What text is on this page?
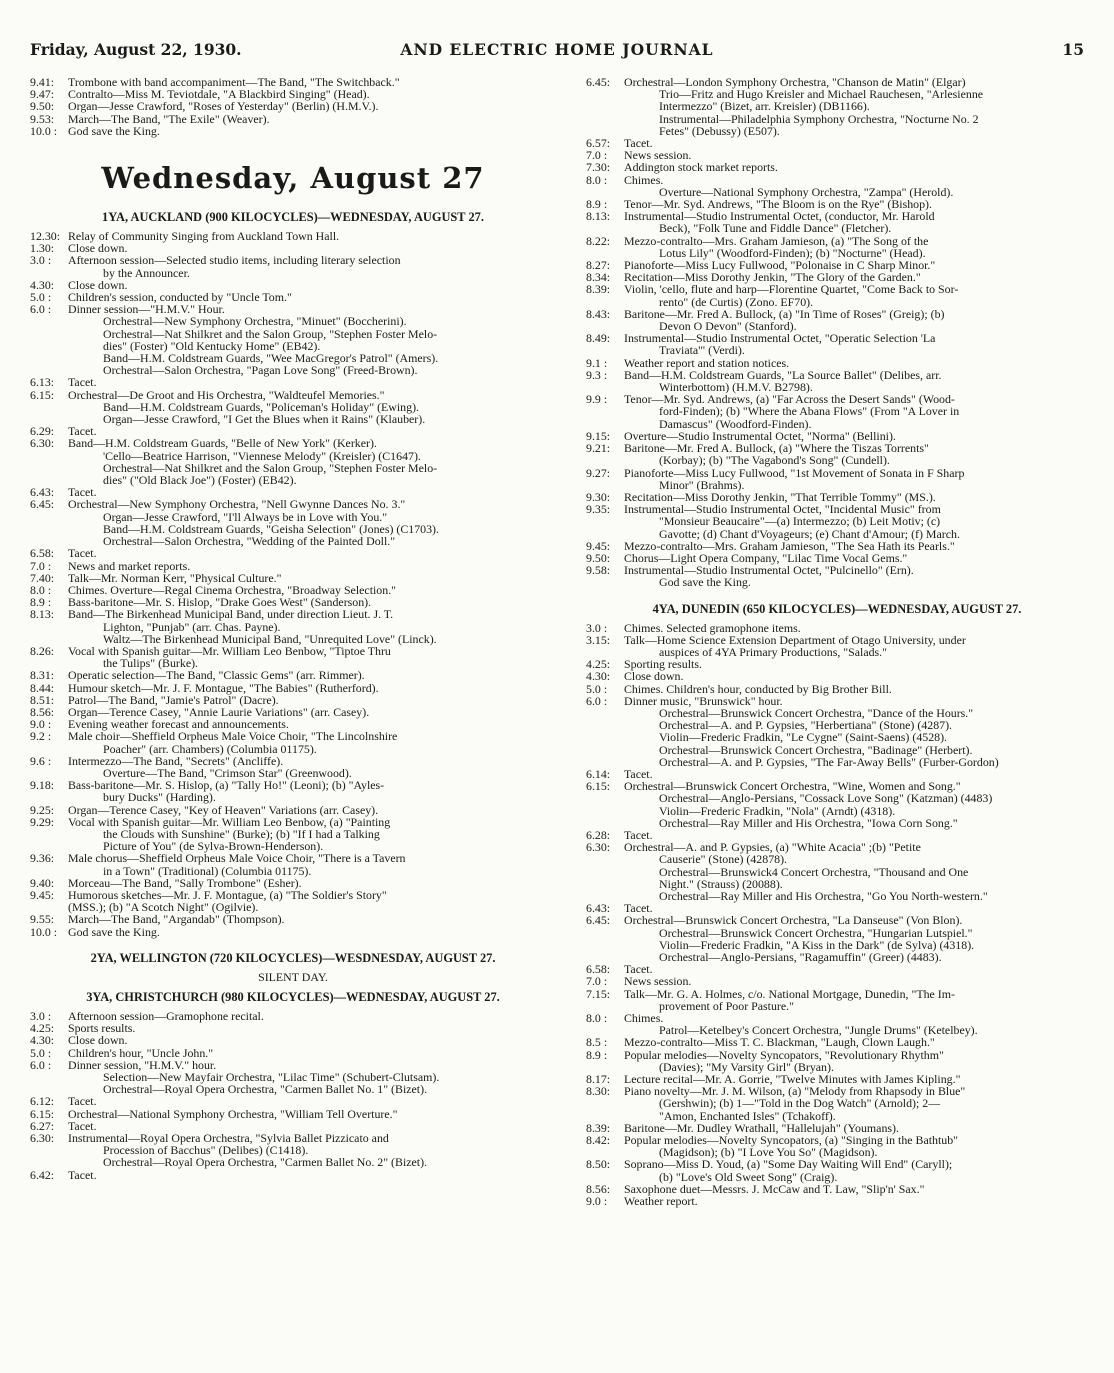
Friday, August 22, 1930.	AND ELECTRIC HOME JOURNAL	15
9.41:	Trombone with band accompaniment—The Band, "The Switchback."
9.47:	Contralto—Miss M. Teviotdale, "A Blackbird Singing" (Head).
9.50:	Organ—Jesse Crawford, "Roses of Yesterday" (Berlin) (H.M.V.).
9.53:	March—The Band, "The Exile" (Weaver).
10.0 : God save the King.
Wednesday, August 27
1YA, AUCKLAND (900 KILOCYCLES)—WEDNESDAY, AUGUST 27.
12.30: Relay of Community Singing from Auckland Town Hall.
1.30:	Close down.
3.0 :	Afternoon session—Selected studio items, including literary selection
by the Announcer.
4.30:	Close down.
5.0 :	Children's session, conducted by "Uncle Tom."
6.0 :	Dinner session—"H.M.V." Hour.
Orchestral—New Symphony Orchestra, "Minuet" (Boccherini).
Orchestral—Nat Shilkret and the Salon Group, "Stephen Foster Melo-
dies" (Foster) "Old Kentucky Home" (EB42).
Band—H.M. Coldstream Guards, "Wee MacGregor's Patrol" (Amers).
Orchestral—Salon Orchestra, "Pagan Love Song" (Freed-Brown).
6.13:	Tacet.
6.15:	Orchestral—De Groot and His Orchestra, "Waldteufel Memories."
Band—H.M. Coldstream Guards, "Policeman's Holiday" (Ewing).
Organ—Jesse Crawford, "I Get the Blues when it Rains" (Klauber).
6.29:	Tacet.
6.30:	Band—H.M. Coldstream Guards, "Belle of New York" (Kerker).
'Cello—Beatrice Harrison, "Viennese Melody" (Kreisler) (C1647).
Orchestral—Nat Shilkret and the Salon Group, "Stephen Foster Melo-
dies" ("Old Black Joe") (Foster) (EB42).
6.43:	Tacet.
6.45:	Orchestral—New Symphony Orchestra, "Nell Gwynne Dances No. 3."
Organ—Jesse Crawford, "I'll Always be in Love with You."
Band—H.M. Coldstream Guards, "Geisha Selection" (Jones) (C1703).
Orchestral—Salon Orchestra, "Wedding of the Painted Doll."
6.58:	Tacet.
7.0 :	News and market reports.
7.40:	Talk—Mr. Norman Kerr, "Physical Culture."
8.0 :	Chimes. Overture—Regal Cinema Orchestra, "Broadway Selection."
8.9 :	Bass-baritone—Mr. S. Hislop, "Drake Goes West" (Sanderson).
8.13:	Band—The Birkenhead Municipal Band, under direction Lieut. J. T.
Lighton, "Punjab" (arr. Chas. Payne).
Waltz—The Birkenhead Municipal Band, "Unrequited Love" (Linck).
8.26:	Vocal with Spanish guitar—Mr. William Leo Benbow, "Tiptoe Thru
the Tulips" (Burke).
8.31:	Operatic selection—The Band, "Classic Gems" (arr. Rimmer).
8.44:	Humour sketch—Mr. J. F. Montague, "The Babies" (Rutherford).
8.51:	Patrol—The Band, "Jamie's Patrol" (Dacre).
8.56:	Organ—Terence Casey, "Annie Laurie Variations" (arr. Casey).
9.0 :	Evening weather forecast and announcements.
9.2 :	Male choir—Sheffield Orpheus Male Voice Choir, "The Lincolnshire
Poacher" (arr. Chambers) (Columbia 01175).
9.6 :	Intermezzo—The Band, "Secrets" (Ancliffe).
Overture—The Band, "Crimson Star" (Greenwood).
9.18:	Bass-baritone—Mr. S. Hislop, (a) "Tally Ho!" (Leoni); (b) "Ayles-
bury Ducks" (Harding).
9.25:	Organ—Terence Casey, "Key of Heaven" Variations (arr. Casey).
9.29:	Vocal with Spanish guitar—Mr. William Leo Benbow, (a) "Painting
the Clouds with Sunshine" (Burke); (b) "If I had a Talking
Picture of You" (de Sylva-Brown-Henderson).
9.36:	Male chorus—Sheffield Orpheus Male Voice Choir, "There is a Tavern
in a Town" (Traditional) (Columbia 01175).
9.40:	Morceau—The Band, "Sally Trombone" (Esher).
9.45:	Humorous sketches—Mr. J. F. Montague, (a) "The Soldier's Story"
(MSS.); (b) "A Scotch Night" (Ogilvie).
9.55:	March—The Band, "Argandab" (Thompson).
10.0 : God save the King.
2YA, WELLINGTON (720 KILOCYCLES)—WESDNESDAY, AUGUST 27.
SILENT DAY.
3YA, CHRISTCHURCH (980 KILOCYCLES)—WEDNESDAY, AUGUST 27.
3.0 :	Afternoon session—Gramophone recital.
4.25:	Sports results.
4.30:	Close down.
5.0 :	Children's hour, "Uncle John."
6.0 :	Dinner session, "H.M.V." hour.
Selection—New Mayfair Orchestra, "Lilac Time" (Schubert-Clutsam).
Orchestral—Royal Opera Orchestra, "Carmen Ballet No. 1" (Bizet).
6.12:	Tacet.
6.15:	Orchestral—National Symphony Orchestra, "William Tell Overture."
6.27:	Tacet.
6.30:	Instrumental—Royal Opera Orchestra, "Sylvia Ballet Pizzicato and
Procession of Bacchus" (Delibes) (C1418).
Orchestral—Royal Opera Orchestra, "Carmen Ballet No. 2" (Bizet).
6.42:	Tacet.
6.45:	Orchestral—London Symphony Orchestra, "Chanson de Matin" (Elgar)
Trio—Fritz and Hugo Kreisler and Michael Rauchesen, "Arlesienne
Intermezzo" (Bizet, arr. Kreisler) (DB1166).
Instrumental—Philadelphia Symphony Orchestra, "Nocturne No. 2
Fetes" (Debussy) (E507).
6.57:	Tacet.
7.0 :	News session.
7.30:	Addington stock market reports.
8.0 :	Chimes.
Overture—National Symphony Orchestra, "Zampa" (Herold).
8.9 :	Tenor—Mr. Syd. Andrews, "The Bloom is on the Rye" (Bishop).
8.13:	Instrumental—Studio Instrumental Octet, (conductor, Mr. Harold
Beck), "Folk Tune and Fiddle Dance" (Fletcher).
8.22:	Mezzo-contralto—Mrs. Graham Jamieson, (a) "The Song of the
Lotus Lily" (Woodford-Finden); (b) "Nocturne" (Head).
8.27:	Pianoforte—Miss Lucy Fullwood, "Polonaise in C Sharp Minor."
8.34:	Recitation—Miss Dorothy Jenkin, "The Glory of the Garden."
8.39:	Violin, 'cello, flute and harp—Florentine Quartet, "Come Back to Sor-
rento" (de Curtis) (Zono. EF70).
8.43:	Baritone—Mr. Fred A. Bullock, (a) "In Time of Roses" (Greig); (b)
Devon O Devon" (Stanford).
8.49:	Instrumental—Studio Instrumental Octet, "Operatic Selection 'La
Traviata'" (Verdi).
9.1 :	Weather report and station notices.
9.3 :	Band—H.M. Coldstream Guards, "La Source Ballet" (Delibes, arr.
Winterbottom) (H.M.V. B2798).
9.9 :	Tenor—Mr. Syd. Andrews, (a) "Far Across the Desert Sands" (Wood-
ford-Finden); (b) "Where the Abana Flows" (From "A Lover in
Damascus" (Woodford-Finden).
9.15:	Overture—Studio Instrumental Octet, "Norma" (Bellini).
9.21:	Baritone—Mr. Fred A. Bullock, (a) "Where the Tiszas Torrents"
(Korbay); (b) "The Vagabond's Song" (Cundell).
9.27:	Pianoforte—Miss Lucy Fullwood, "1st Movement of Sonata in F Sharp
Minor" (Brahms).
9.30:	Recitation—Miss Dorothy Jenkin, "That Terrible Tommy" (MS.).
9.35:	Instrumental—Studio Instrumental Octet, "Incidental Music" from
"Monsieur Beaucaire"—(a) Intermezzo; (b) Leit Motiv; (c)
Gavotte; (d) Chant d'Voyageurs; (e) Chant d'Amour; (f) March.
9.45:	Mezzo-contralto—Mrs. Graham Jamieson, "The Sea Hath its Pearls."
9.50:	Chorus—Light Opera Company, "Lilac Time Vocal Gems."
9.58:	Instrumental—Studio Instrumental Octet, "Pulcinello" (Ern).
God save the King.
4YA, DUNEDIN (650 KILOCYCLES)—WEDNESDAY, AUGUST 27.
3.0 :	Chimes. Selected gramophone items.
3.15:	Talk—Home Science Extension Department of Otago University, under
auspices of 4YA Primary Productions, "Salads."
4.25:	Sporting results.
4.30:	Close down.
5.0 :	Chimes. Children's hour, conducted by Big Brother Bill.
6.0 :	Dinner music, "Brunswick" hour.
Orchestral—Brunswick Concert Orchestra, "Dance of the Hours."
Orchestral—A. and P. Gypsies, "Herbertiana" (Stone) (4287).
Violin—Frederic Fradkin, "Le Cygne" (Saint-Saens) (4528).
Orchestral—Brunswick Concert Orchestra, "Badinage" (Herbert).
Orchestral—A. and P. Gypsies, "The Far-Away Bells" (Furber-Gordon)
6.14:	Tacet.
6.15:	Orchestral—Brunswick Concert Orchestra, "Wine, Women and Song."
Orchestral—Anglo-Persians, "Cossack Love Song" (Katzman) (4483)
Violin—Frederic Fradkin, "Nola" (Arndt) (4318).
Orchestral—Ray Miller and His Orchestra, "Iowa Corn Song."
6.28:	Tacet.
6.30:	Orchestral—A. and P. Gypsies, (a) "White Acacia" ;(b) "Petite
Causerie" (Stone) (42878).
Orchestral—Brunswick4 Concert Orchestra, "Thousand and One
Night." (Strauss) (20088).
Orchestral—Ray Miller and His Orchestra, "Go You North-western."
6.43:	Tacet.
6.45:	Orchestral—Brunswick Concert Orchestra, "La Danseuse" (Von Blon).
Orchestral—Brunswick Concert Orchestra, "Hungarian Lutspiel."
Violin—Frederic Fradkin, "A Kiss in the Dark" (de Sylva) (4318).
Orchestral—Anglo-Persians, "Ragamuffin" (Greer) (4483).
6.58:	Tacet.
7.0 :	News session.
7.15:	Talk—Mr. G. A. Holmes, c/o. National Mortgage, Dunedin, "The Im-
provement of Poor Pasture."
8.0 :	Chimes.
Patrol—Ketelbey's Concert Orchestra, "Jungle Drums" (Ketelbey).
8.5 :	Mezzo-contralto—Miss T. C. Blackman, "Laugh, Clown Laugh."
8.9 :	Popular melodies—Novelty Syncopators, "Revolutionary Rhythm"
(Davies); "My Varsity Girl" (Bryan).
8.17:	Lecture recital—Mr. A. Gorrie, "Twelve Minutes with James Kipling."
8.30:	Piano novelty—Mr. J. M. Wilson, (a) "Melody from Rhapsody in Blue"
(Gershwin); (b) 1—"Told in the Dog Watch" (Arnold); 2—
"Amon, Enchanted Isles" (Tchakoff).
8.39:	Baritone—Mr. Dudley Wrathall, "Hallelujah" (Youmans).
8.42:	Popular melodies—Novelty Syncopators, (a) "Singing in the Bathtub"
(Magidson); (b) "I Love You So" (Magidson).
8.50:	Soprano—Miss D. Youd, (a) "Some Day Waiting Will End" (Caryll);
(b) "Love's Old Sweet Song" (Craig).
8.56:	Saxophone duet—Messrs. J. McCaw and T. Law, "Slip'n' Sax."
9.0 :	Weather report.
